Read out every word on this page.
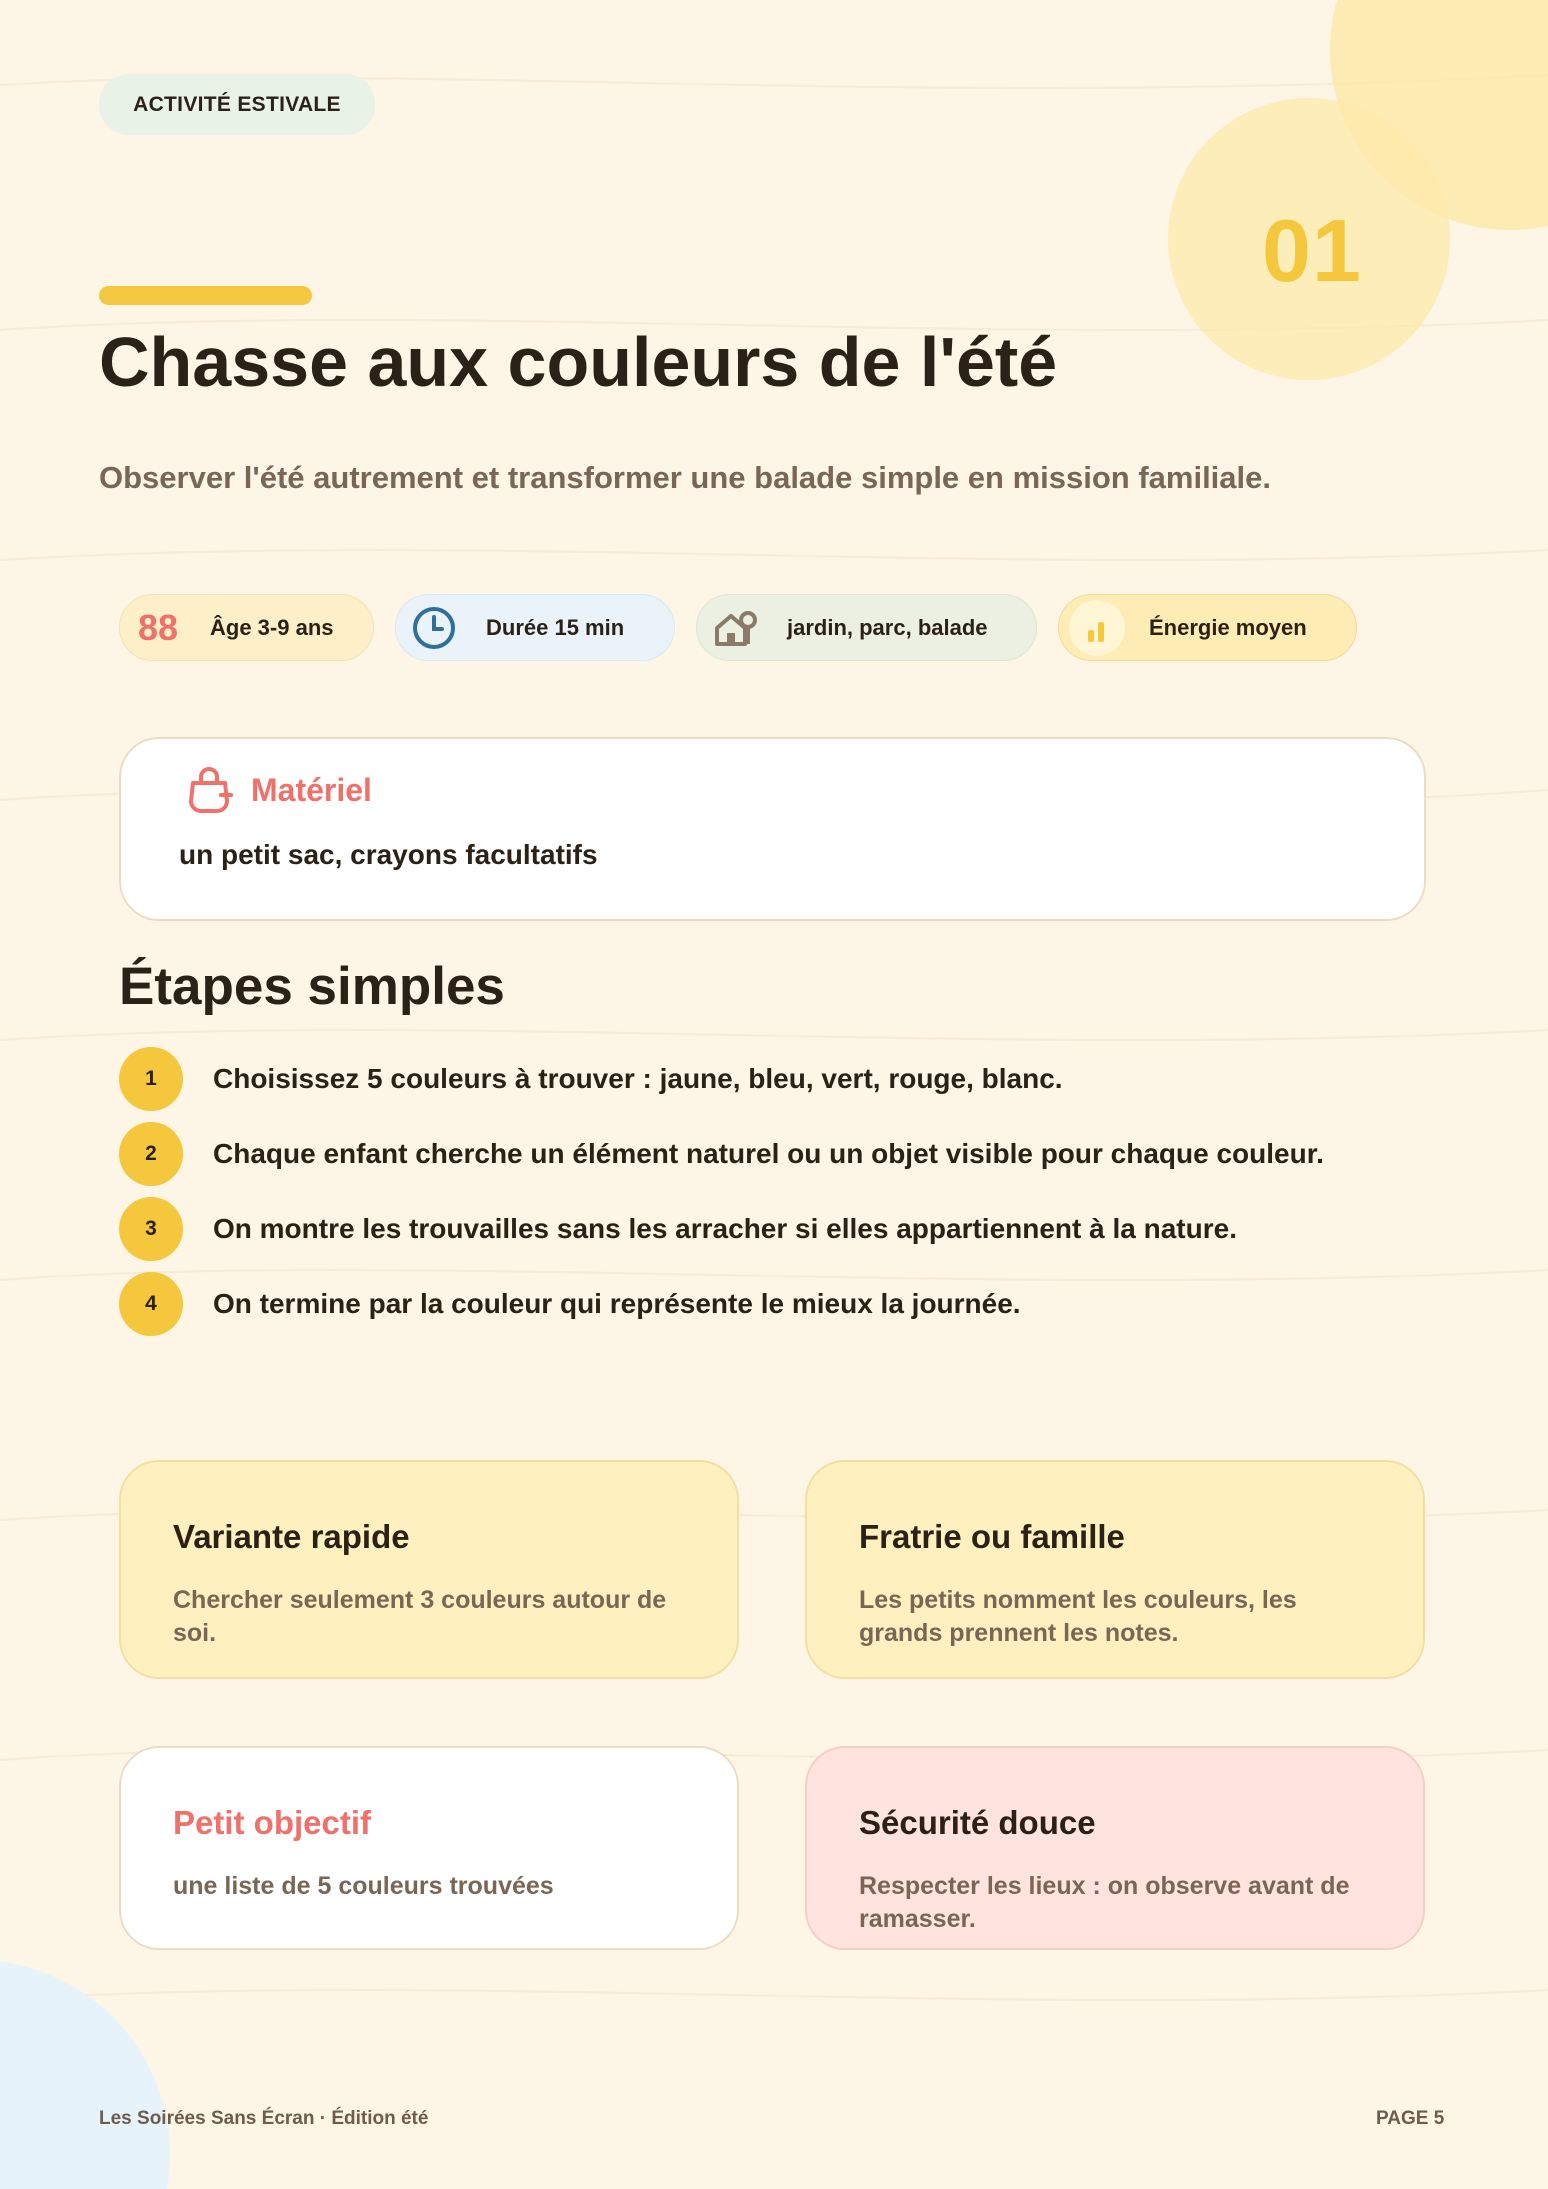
ACTIVITÉ ESTIVALE
01
Chasse aux couleurs de l'été
Observer l'été autrement et transformer une balade simple en mission familiale.
88 Âge 3-9 ans	Durée 15 min	jardin, parc, balade	Énergie moyen
Matériel
un petit sac, crayons facultatifs
Étapes simples
1	Choisissez 5 couleurs à trouver : jaune, bleu, vert, rouge, blanc.
2	Chaque enfant cherche un élément naturel ou un objet visible pour chaque couleur.
3	On montre les trouvailles sans les arracher si elles appartiennent à la nature.
4	On termine par la couleur qui représente le mieux la journée.
Variante rapide

Chercher seulement 3 couleurs autour de soi.

Fratrie ou famille

Les petits nomment les couleurs, les grands prennent les notes.

Petit objectif

une liste de 5 couleurs trouvées

Sécurité douce

Respecter les lieux : on observe avant de ramasser.

Les Soirées Sans Écran · Édition été	PAGE 5
